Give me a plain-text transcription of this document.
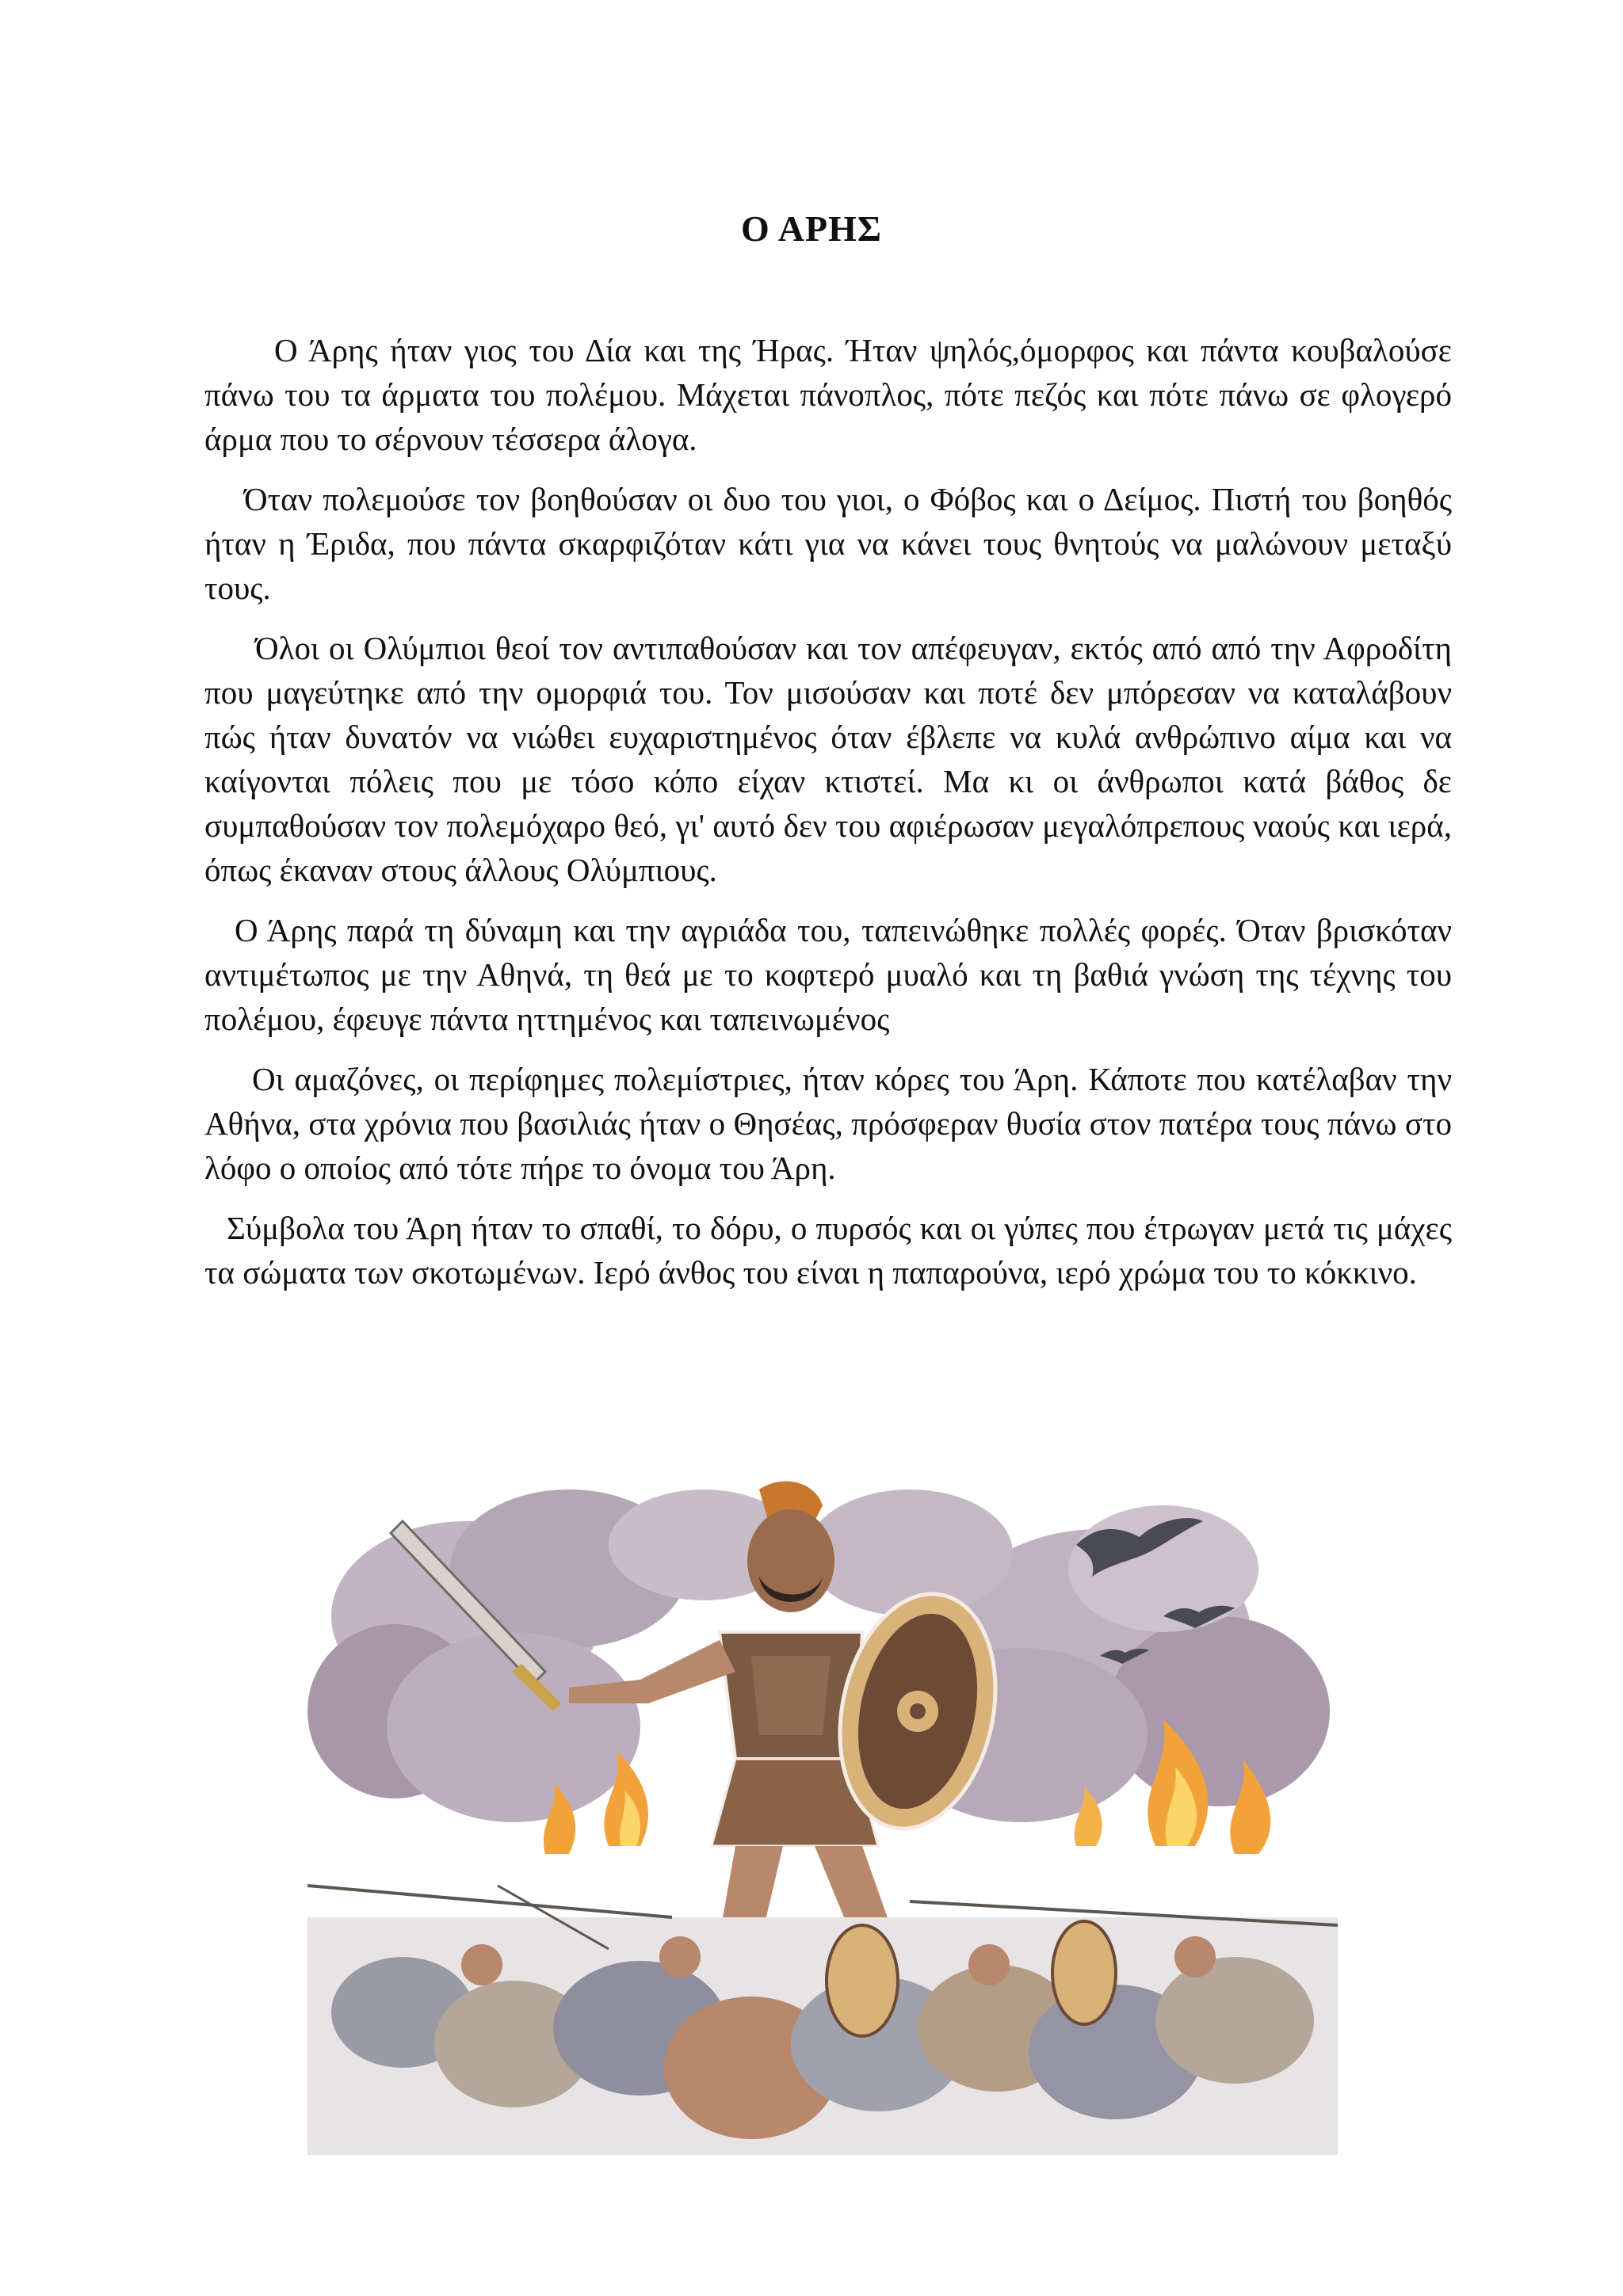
Ο ΑΡΗΣ

Ο Άρης ήταν γιος του Δία και της Ήρας. Ήταν ψηλός,όμορφος και πάντα κουβαλούσε πάνω του τα άρματα του πολέμου. Μάχεται πάνοπλος, πότε πεζός και πότε πάνω σε φλογερό άρμα που το σέρνουν τέσσερα άλογα.

Όταν πολεμούσε τον βοηθούσαν οι δυο του γιοι, ο Φόβος και ο Δείμος. Πιστή του βοηθός ήταν η Έριδα, που πάντα σκαρφιζόταν κάτι για να κάνει τους θνητούς να μαλώνουν μεταξύ τους.

Όλοι οι Ολύμπιοι θεοί τον αντιπαθούσαν και τον απέφευγαν, εκτός από από την Αφροδίτη που μαγεύτηκε από την ομορφιά του. Τον μισούσαν και ποτέ δεν μπόρεσαν να καταλάβουν πώς ήταν δυνατόν να νιώθει ευχαριστημένος όταν έβλεπε να κυλά ανθρώπινο αίμα και να καίγονται πόλεις που με τόσο κόπο είχαν κτιστεί. Μα κι οι άνθρωποι κατά βάθος δε συμπαθούσαν τον πολεμόχαρο θεό, γι' αυτό δεν του αφιέρωσαν μεγαλόπρεπους ναούς και ιερά, όπως έκαναν στους άλλους Ολύμπιους.

Ο Άρης παρά τη δύναμη και την αγριάδα του, ταπεινώθηκε πολλές φορές. Όταν βρισκόταν αντιμέτωπος με την Αθηνά, τη θεά με το κοφτερό μυαλό και τη βαθιά γνώση της τέχνης του πολέμου, έφευγε πάντα ηττημένος και ταπεινωμένος

Οι αμαζόνες, οι περίφημες πολεμίστριες, ήταν κόρες του Άρη. Κάποτε που κατέλαβαν την Αθήνα, στα χρόνια που βασιλιάς ήταν ο Θησέας, πρόσφεραν θυσία στον πατέρα τους πάνω στο λόφο ο οποίος από τότε πήρε το όνομα του Άρη.

Σύμβολα του Άρη ήταν το σπαθί, το δόρυ, ο πυρσός και οι γύπες που έτρωγαν μετά τις μάχες τα σώματα των σκοτωμένων. Ιερό άνθος του είναι η παπαρούνα, ιερό χρώμα του το κόκκινο.
